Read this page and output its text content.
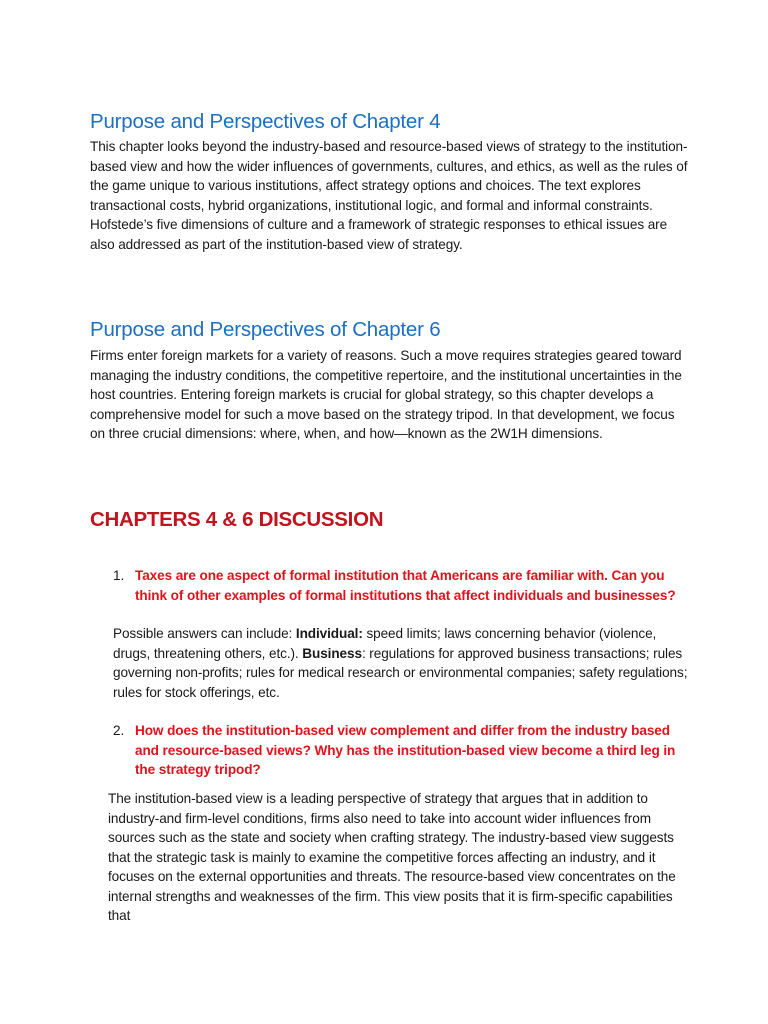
Purpose and Perspectives of Chapter 4

This chapter looks beyond the industry-based and resource-based views of strategy to the institution-based view and how the wider influences of governments, cultures, and ethics, as well as the rules of the game unique to various institutions, affect strategy options and choices. The text explores transactional costs, hybrid organizations, institutional logic, and formal and informal constraints. Hofstede’s five dimensions of culture and a framework of strategic responses to ethical issues are also addressed as part of the institution-based view of strategy.

Purpose and Perspectives of Chapter 6

Firms enter foreign markets for a variety of reasons. Such a move requires strategies geared toward managing the industry conditions, the competitive repertoire, and the institutional uncertainties in the host countries. Entering foreign markets is crucial for global strategy, so this chapter develops a comprehensive model for such a move based on the strategy tripod. In that development, we focus on three crucial dimensions: where, when, and how—known as the 2W1H dimensions.

CHAPTERS 4 & 6 DISCUSSION
1. Taxes are one aspect of formal institution that Americans are familiar with. Can you think of other examples of formal institutions that affect individuals and businesses?

Possible answers can include: Individual: speed limits; laws concerning behavior (violence, drugs, threatening others, etc.). Business: regulations for approved business transactions; rules governing non-profits; rules for medical research or environmental companies; safety regulations; rules for stock offerings, etc.

2. How does the institution-based view complement and differ from the industry based and resource-based views? Why has the institution-based view become a third leg in the strategy tripod?

The institution-based view is a leading perspective of strategy that argues that in addition to industry-and firm-level conditions, firms also need to take into account wider influences from sources such as the state and society when crafting strategy. The industry-based view suggests that the strategic task is mainly to examine the competitive forces affecting an industry, and it focuses on the external opportunities and threats. The resource-based view concentrates on the internal strengths and weaknesses of the firm. This view posits that it is firm-specific capabilities that
